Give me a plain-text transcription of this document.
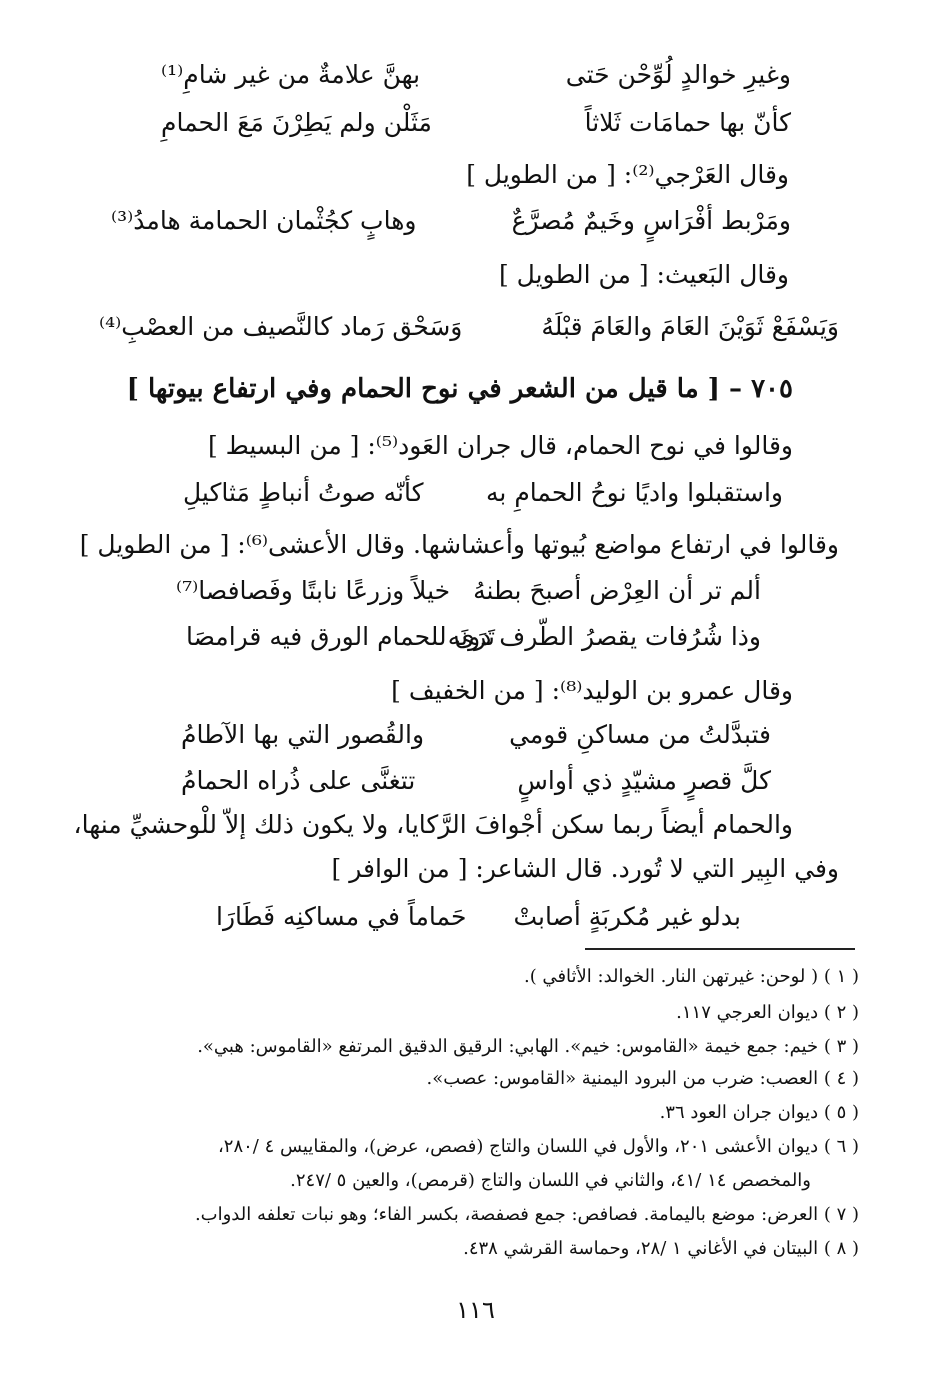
وغيرِ خوالدٍ لُوِّحْن حَتى
بهنَّ علامةٌ من غير شامِ⁽¹⁾
كأنّ بها حمامَات ثَلاثاً
مَثَلْن ولم يَطِرْنَ مَعَ الحمامِ
وقال العَرْجي⁽²⁾: [ من الطويل ]
ومَرْبط أفْرَاسٍ وخَيمٌ مُصرَّعٌ
وهابٍ كجُثْمان الحمامة هامدُ⁽³⁾
وقال البَعيث: [ من الطويل ]
وَيَسْفَعْ ثَوَيْنَ العَامَ والعَامَ قبْلَهُ
وَسَحْق رَماد كالنَّصيف من العصْبِ⁽⁴⁾
٧٠٥ – [ ما قيل من الشعر في نوح الحمام وفي ارتفاع بيوتها ]
وقالوا في نوح الحمام، قال جران العَود⁽⁵⁾: [ من البسيط ]
واستقبلوا واديًا نوحُ الحمامِ به
كأنّه صوتُ أنباطٍ مَثاكيلِ
وقالوا في ارتفاع مواضع بُيوتها وأعشاشها. وقال الأعشى⁽⁶⁾: [ من الطويل ]
ألم تر أن العِرْض أصبحَ بطنهُ
خيلاً وزرعًا نابتًا وفَصافصا⁽⁷⁾
وذا شُرُفات يقصرُ الطّرف دونَه
تَرَى للحمام الورق فيه قرامصَا
وقال عمرو بن الوليد⁽⁸⁾: [ من الخفيف ]
فتبدَّلتُ من مساكنِ قومي
والقُصور التي بها الآطامُ
كلَّ قصرٍ مشيّدٍ ذي أواسٍ
تتغنَّى على ذُراه الحمامُ
والحمام أيضاً ربما سكن أجْوافَ الرَّكايا، ولا يكون ذلك إلاّ للْوحشيِّ منها،
وفي البِير التي لا تُورد. قال الشاعر: [ من الوافر ]
بدلو غير مُكربَةٍ أصابتْ
حَماماً في مساكنِه فَطَارَا
( ١ ) ( لوحن: غيرتهن النار. الخوالد: الأثافي ).
( ٢ ) ديوان العرجي ١١٧.
( ٣ ) خيم: جمع خيمة «القاموس: خيم». الهابي: الرقيق الدقيق المرتفع «القاموس: هبي».
( ٤ ) العصب: ضرب من البرود اليمنية «القاموس: عصب».
( ٥ ) ديوان جران العود ٣٦.
( ٦ ) ديوان الأعشى ٢٠١، والأول في اللسان والتاج (فصص، عرض)، والمقاييس ٤ /٢٨٠،
والمخصص ١٤ /٤١، والثاني في اللسان والتاج (قرمص)، والعين ٥ /٢٤٧.
( ٧ ) العرض: موضع باليمامة. فصافص: جمع فصفصة، بكسر الفاء؛ وهو نبات تعلفه الدواب.
( ٨ ) البيتان في الأغاني ١ /٢٨، وحماسة القرشي ٤٣٨.
١١٦
